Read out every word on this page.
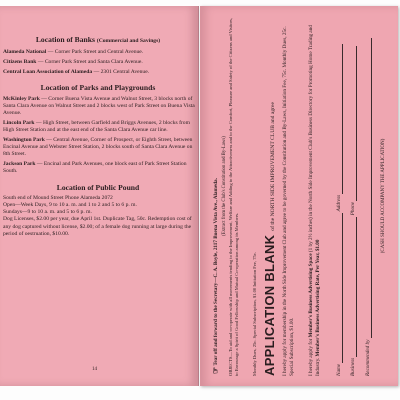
Location of Banks (Commercial and Savings)
Alameda National — Corner Park Street and Central Avenue.
Citizens Bank — Corner Park Street and Santa Clara Avenue.
Central Loan Association of Alameda — 2301 Central Avenue.
Location of Parks and Playgrounds
McKinley Park — Corner Buena Vista Avenue and Walnut Street, 3 blocks north of Santa Clara Avenue on Walnut Street and 2 blocks west of Park Street on Buena Vista Avenue.
Lincoln Park — High Street, between Garfield and Briggs Avenues, 2 blocks from High Street Station and at the east end of the Santa Clara Avenue car line.
Washington Park — Central Avenue, Corner of Prospect, or Eighth Street, between Encinal Avenue and Webster Street Station, 2 blocks south of Santa Clara Avenue on 8th Street.
Jackson Park — Encinal and Park Avenues, one block east of Park Street Station South.
Location of Public Pound
South end of Mound Street Phone Alameda 2072
Open—Week Days, 9 to 10 a. m. and 1 to 2 and 5 to 6 p. m.
Sundays—9 to 10 a. m. and 5 to 6 p. m.
Dog Licenses, $2.00 per year, due April 1st. Duplicate Tag, 50c. Redemption cost of any dog captured without license, $2.00; of a female dog running at large during the period of oestruation, $10.00.
14	☞ Tear off and forward to the Secretary—C. A. Boyle, 2117 Buena Vista Ave., Alameda. (Extract from the Club's Constitution and By-Laws) OBJECTS—To aid and co-operate with all movements tending to the Improvement, Welfare and Adding to the Attractiveness and to the Comfort, Pleasure and Safety of the Citizens and Visitors, to Encourage a Spirit of Good Fellowship and Mutual Co-operation among its Members.	Monthly Dues, 25c. Special Subscription, $1.00 Initiation Fee, 75c. APPLICATION BLANK of the NORTH SIDE IMPROVEMENT CLUB and agree	I hereby apply for membership in the North Side Improvement Club and agree to be governed by the Constitution and By-Laws, Initiation Fee, 75c. Monthly Dues, 25c. Special Subscription, $1.00.	I hereby apply for Member's Business Advertising Space (1 by 2½ inches) in the North Side Improvement Club's Business Directory for Promoting Home Trading and Industry. Member's Business Advertising Rate, Per Year, $1.00
Name  Address
Business  Phone
Recommended by
(CASH SHOULD ACCOMPANY THE APPLICATION)
